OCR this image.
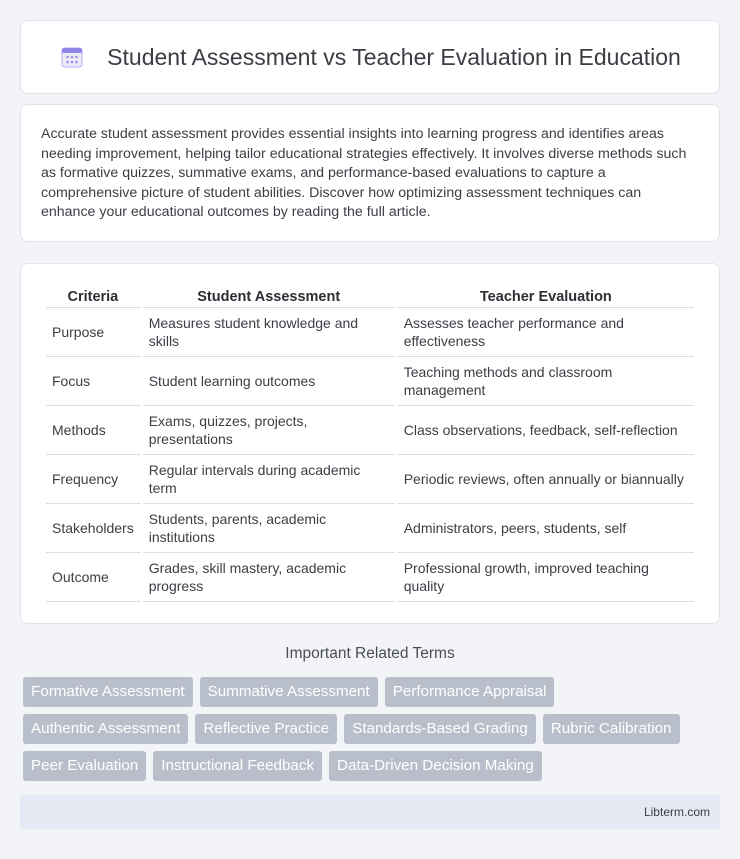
Student Assessment vs Teacher Evaluation in Education

Accurate student assessment provides essential insights into learning progress and identifies areas needing improvement, helping tailor educational strategies effectively. It involves diverse methods such as formative quizzes, summative exams, and performance-based evaluations to capture a comprehensive picture of student abilities. Discover how optimizing assessment techniques can enhance your educational outcomes by reading the full article.

Criteria	Student Assessment	Teacher Evaluation
Purpose	Measures student knowledge and skills	Assesses teacher performance and effectiveness
Focus	Student learning outcomes	Teaching methods and classroom management
Methods	Exams, quizzes, projects, presentations	Class observations, feedback, self-reflection
Frequency	Regular intervals during academic term	Periodic reviews, often annually or biannually
Stakeholders	Students, parents, academic institutions	Administrators, peers, students, self
Outcome	Grades, skill mastery, academic progress	Professional growth, improved teaching quality
Important Related Terms
Formative Assessment	Summative Assessment	Performance Appraisal
Authentic Assessment	Reflective Practice	Standards-Based Grading	Rubric Calibration
Peer Evaluation	Instructional Feedback	Data-Driven Decision Making
Libterm.com
